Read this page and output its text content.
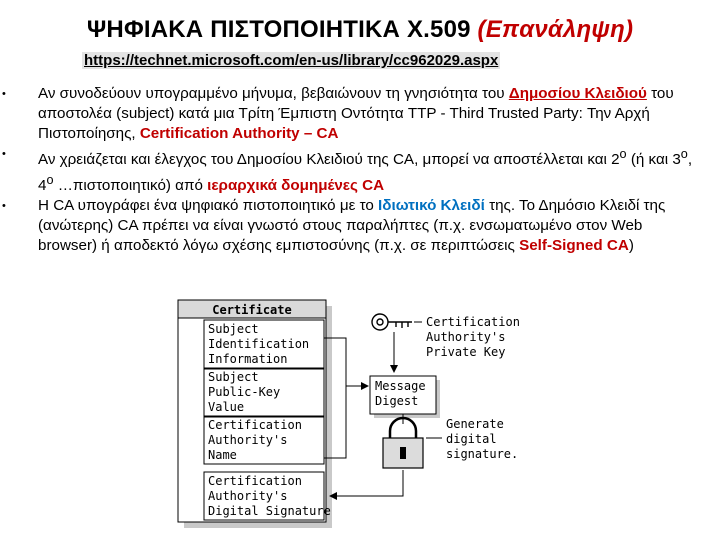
ΨΗΦΙΑΚΑ ΠΙΣΤΟΠΟΙΗΤΙΚΑ X.509 (Επανάληψη)
https://technet.microsoft.com/en-us/library/cc962029.aspx
• Αν συνοδεύουν υπογραμμένο μήνυμα, βεβαιώνουν τη γνησιότητα του Δημοσίου Κλειδιού του αποστολέα (subject) κατά μια Τρίτη Έμπιστη Οντότητα TTP - Third Trusted Party: Την Αρχή Πιστοποίησης, Certification Authority – CA
• Αν χρειάζεται και έλεγχος του Δημοσίου Κλειδιού της CA, μπορεί να αποστέλλεται και $2^o$ (ή και $3^o$, $4^o$ …πιστοποιητικό) από ιεραρχικά δομημένες CA
• Η CA υπογράφει ένα ψηφιακό πιστοποιητικό με το Ιδιωτικό Κλειδί της. Το Δημόσιο Κλειδί της (ανώτερης) CA πρέπει να είναι γνωστό στους παραλήπτες (π.χ. ενσωματωμένο στον Web browser) ή αποδεκτό λόγω σχέσης εμπιστοσύνης (π.χ. σε περιπτώσεις Self-Signed CA)
Certificate
Subject
Identification
Information
Subject
Public-Key
Value
Certification
Authority's
Name
Certification
Authority's
Digital Signature
Message
Digest
Certification
Authority's
Private Key
Generate
digital
signature.
